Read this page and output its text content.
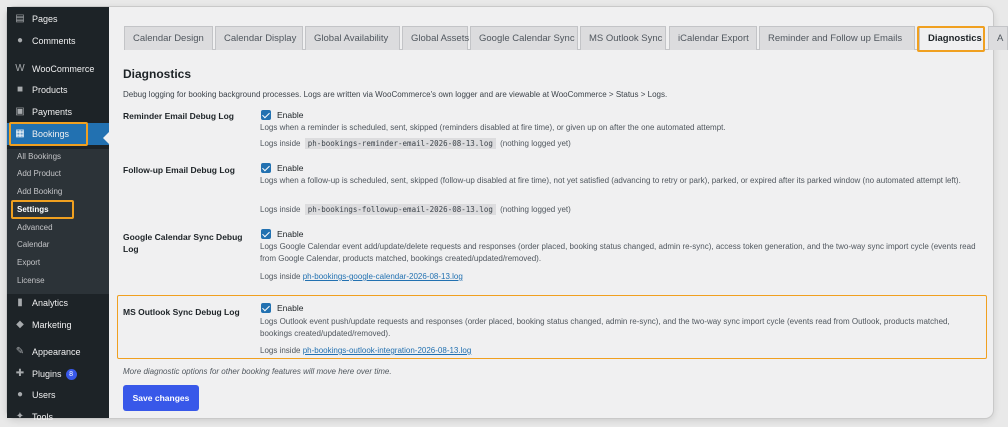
▤ Pages
● Comments
W WooCommerce
■ Products
▣ Payments
▦ Bookings
All Bookings
Add Product
Add Booking
Settings
Advanced
Calendar
Export
License
▮ Analytics
◆ Marketing
✎ Appearance
✚ Plugins	8
● Users
✦ Tools
Calendar Design	Calendar Display	Global Availability	Global Assets	Google Calendar Sync	MS Outlook Sync	iCalendar Export	Reminder and Follow up Emails	Diagnostics	A
Diagnostics
Debug logging for booking background processes. Logs are written via WooCommerce's own logger and are viewable at WooCommerce > Status > Logs.
Reminder Email Debug Log	Enable
Logs when a reminder is scheduled, sent, skipped (reminders disabled at fire time), or given up on after the one automated attempt.
Logs inside ph-bookings-reminder-email-2026-08-13.log (nothing logged yet)
Follow-up Email Debug Log	Enable
Logs when a follow-up is scheduled, sent, skipped (follow-up disabled at fire time), not yet satisfied (advancing to retry or park), parked, or expired after its parked window (no automated attempt left).
Logs inside ph-bookings-followup-email-2026-08-13.log (nothing logged yet)
Google Calendar Sync Debug Log
Enable
Logs Google Calendar event add/update/delete requests and responses (order placed, booking status changed, admin re-sync), access token generation, and the two-way sync import cycle (events read from Google Calendar, products matched, bookings created/updated/removed).
Logs inside ph-bookings-google-calendar-2026-08-13.log
MS Outlook Sync Debug Log	Enable
Logs Outlook event push/update requests and responses (order placed, booking status changed, admin re-sync), and the two-way sync import cycle (events read from Outlook, products matched, bookings created/updated/removed).
Logs inside ph-bookings-outlook-integration-2026-08-13.log
More diagnostic options for other booking features will move here over time.
Save changes
